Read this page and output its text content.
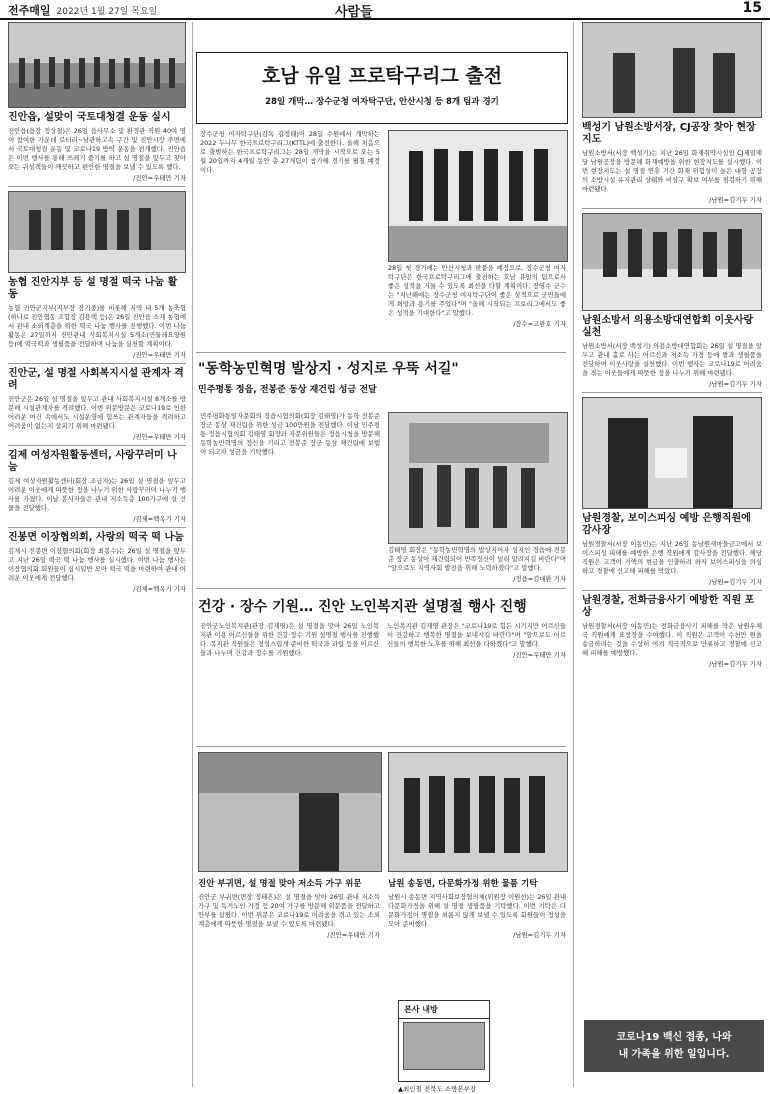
전주매일 2022년 1월 27일 목요일	사람들	15
진안읍, 설맞이 국토대청결 운동 실시

진안읍(읍장 정상철)은 26일 읍사무소 및 환경관 직원 40여 명이 참여한 가운데 로터리~남관하고속 구간 및 진안시장 주변에서 국토대청결 운동 및 코로나19 방역 운동을 전개했다. 진안읍은 이번 행사를 통해 쓰레기 줍기를 하고 설 명절을 앞두고 찾아오는 귀성객들이 깨끗하고 편안한 명절을 보낼 수 있도록 했다.

/진안=우태만 기자
농협 진안지부 등 설 명절 떡국 나눔 활동

농협 진안군지부(지부장 장기중)를 비롯해 지역 내 5개 농축협(하나로 진안협동 조합장 김용택 등)은 26일 진안읍 소재 농협에서 관내 소외계층을 위한 떡국 나눔 행사를 진행했다. 이번 나눔 활동은 27일까지 진안관내 사회복지시설 5개소(민들레요양원 등)에 떡국떡과 생필품을 전달하며 나눔을 실천할 계획이다.

/진안=우태만 기자
진안군, 설 명절 사회복지시설 관계자 격려

진안군은 26일 설 명절을 앞두고 관내 사회복지시설 8개소를 방문해 시설관계자를 격려했다. 이번 위문방문은 코로나19로 인한 어려운 여건 속에서도 시설운영에 힘쓰는 관계자들을 격려하고 어려움이 없는지 살피기 위해 마련됐다.

/진안=우태만 기자
김제 여성자원활동센터, 사랑꾸러미 나눔

김제 여성자원활동센터(회장 조금자)는 26일 설 명절을 앞두고 어려운 이웃에게 따뜻한 정을 나누기 위한 사랑꾸러미 나누기 행사를 가졌다. 이날 봉사자들은 관내 저소득층 100가구에 설 선물을 전달했다.

/김제=백옥기 기자
진봉면 이장협의회, 사랑의 떡국 떡 나눔

김제시 진봉면 이장협의회(회장 최봉수)는 26일 설 명절을 앞두고 지난 26일 떡국 떡 나눔 행사를 실시했다. 이번 나눔 행사는 이장협의회 회원들이 십시일반 모아 떡국 떡을 마련하여 관내 어려운 이웃에게 전달했다.

/김제=백옥기 기자
호남 유일 프로탁구리그 출전
28일 개막… 장수군청 여자탁구단, 안산시청 등 8개 팀과 경기

장수군청 여자탁구단(감독 김정태)이 28일 수원에서 개막하는 2022 두나무 한국프로탁구리그(KTTL)에 출전한다. 올해 처음으로 출범하는 한국프로탁구리그는 28일 개막을 시작으로 오는 5월 20일까지 4개월 동안 총 27개팀이 참가해 경기를 펼칠 예정이다.

28일 첫 경기에는 안산시청과 맞붙을 예정으로, 장수군청 여자탁구단은 한국프로탁구리그에 출전하는 호남 유일의 팀으로서 좋은 성적을 거둘 수 있도록 최선을 다할 계획이다. 장영수 군수는 "지난해에는 장수군청 여자탁구단이 좋은 성적으로 군민들에게 희망과 용기를 주었다"며 "올해 시작되는 프로리그에서도 좋은 성적을 기대한다"고 말했다.

/장수=고완호 기자
"동학농민혁명 발상지 · 성지로 우뚝 서길"
민주평통 정읍, 전봉준 동상 재건립 성금 전달

민주평화통일자문회의 정읍시협의회(회장 김태영)가 동학 전봉준 장군 동상 재건립을 위한 성금 100만원을 전달했다. 이날 민주평통 정읍시협의회 김태영 회장과 자문위원들은 정읍시청을 방문해 동학농민혁명의 정신을 기리고 전봉준 장군 동상 재건립에 보탬이 되고자 성금을 기탁했다.

김태영 회장은 "동학농민혁명의 발상지이자 성지인 정읍에 전봉준 장군 동상이 재건립되어 민족정신이 널리 알려지길 바란다"며 "앞으로도 지역사회 발전을 위해 노력하겠다"고 말했다.

/정읍=김대환 기자
건강 · 장수 기원… 진안 노인복지관 설명절 행사 진행

진안군노인복지관(관장 김재영)은 설 명절을 맞아 26일 노인복지관 이용 어르신들을 위한 건강·장수 기원 설명절 행사를 진행했다. 복지관 직원들은 정성스럽게 준비한 떡국과 과일 등을 어르신들과 나누며 건강과 장수를 기원했다.

노인복지관 김재영 관장은 "코로나19로 힘든 시기지만 어르신들이 건강하고 행복한 명절을 보내시길 바란다"며 "앞으로도 어르신들의 행복한 노후를 위해 최선을 다하겠다"고 말했다.

/진안=우태만 기자
진안 부귀면, 설 명절 맞아 저소득 가구 위문

진안군 부귀면(면장 정태흔)은 설 명절을 맞아 26일 관내 저소득 가구 및 독거노인 가정 등 20여 가구를 방문해 위문품을 전달하고 안부를 살폈다. 이번 위문은 코로나19로 어려움을 겪고 있는 소외계층에게 따뜻한 명절을 보낼 수 있도록 마련됐다.

/진안=우태만 기자
남원 송동면, 다문화가정 위한 물품 기탁

남원시 송동면 지역사회보장협의체(위원장 이원선)는 26일 관내 다문화가정을 위해 설 명절 생필품을 기탁했다. 이번 기탁은 다문화가정이 명절을 외롭지 않게 보낼 수 있도록 회원들이 정성을 모아 준비했다.

/남원=김기두 기자
본사 내방
▲최인철 전북도 소방본부장
백성기 남원소방서장, CJ공장 찾아 현장지도

남원소방서(서장 백성기)는 지난 26일 화재취약시설인 CJ제일제당 남원공장을 방문해 화재예방을 위한 현장지도를 실시했다. 이번 현장지도는 설 명절 연휴 기간 화재 위험성이 높은 대형 공장의 소방시설 유지관리 상태와 비상구 확보 여부를 점검하기 위해 마련됐다.

/남원=김기두 기자
남원소방서 의용소방대연합회 이웃사랑 실천

남원소방서(서장 백성기) 의용소방대연합회는 26일 설 명절을 앞두고 관내 홀로 사는 어르신과 저소득 가정 등에 쌀과 생필품을 전달하며 이웃사랑을 실천했다. 이번 행사는 코로나19로 어려움을 겪는 이웃들에게 따뜻한 정을 나누기 위해 마련됐다.

/남원=김기두 기자
남원경찰, 보이스피싱 예방 은행직원에 감사장

남원경찰서(서장 이동민)는 지난 26일 동남원새마을금고에서 보이스피싱 피해를 예방한 은행 직원에게 감사장을 전달했다. 해당 직원은 고객이 거액의 현금을 인출하려 하자 보이스피싱을 의심하고 경찰에 신고해 피해를 막았다.

/남원=김기두 기자
남원경찰, 전화금융사기 예방한 직원 포상

남원경찰서(서장 이동민)는 전화금융사기 피해를 막은 남원우체국 직원에게 표창장을 수여했다. 이 직원은 고객이 수천만 원을 송금하려는 것을 수상히 여겨 적극적으로 만류하고 경찰에 신고해 피해를 예방했다.

/남원=김기두 기자
코로나19 백신 접종, 나와
내 가족을 위한 일입니다.
